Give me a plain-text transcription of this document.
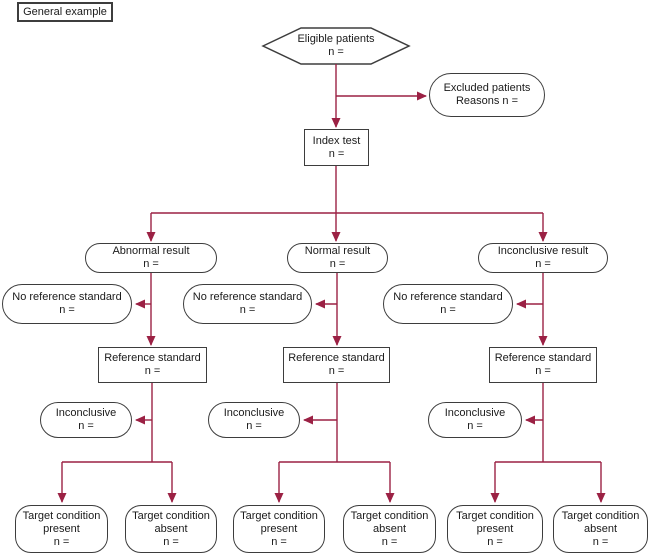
General example
Eligible patients
n =
Excluded patients
Reasons n =
Index test
n =
Abnormal result
n =
Normal result
n =
Inconclusive result
n =
No reference standard
n =
No reference standard
n =
No reference standard
n =
Reference standard
n =
Reference standard
n =
Reference standard
n =
Inconclusive
n =
Inconclusive
n =
Inconclusive
n =
Target condition
present
n =
Target condition
absent
n =
Target condition
present
n =
Target condition
absent
n =
Target condition
present
n =
Target condition
absent
n =
